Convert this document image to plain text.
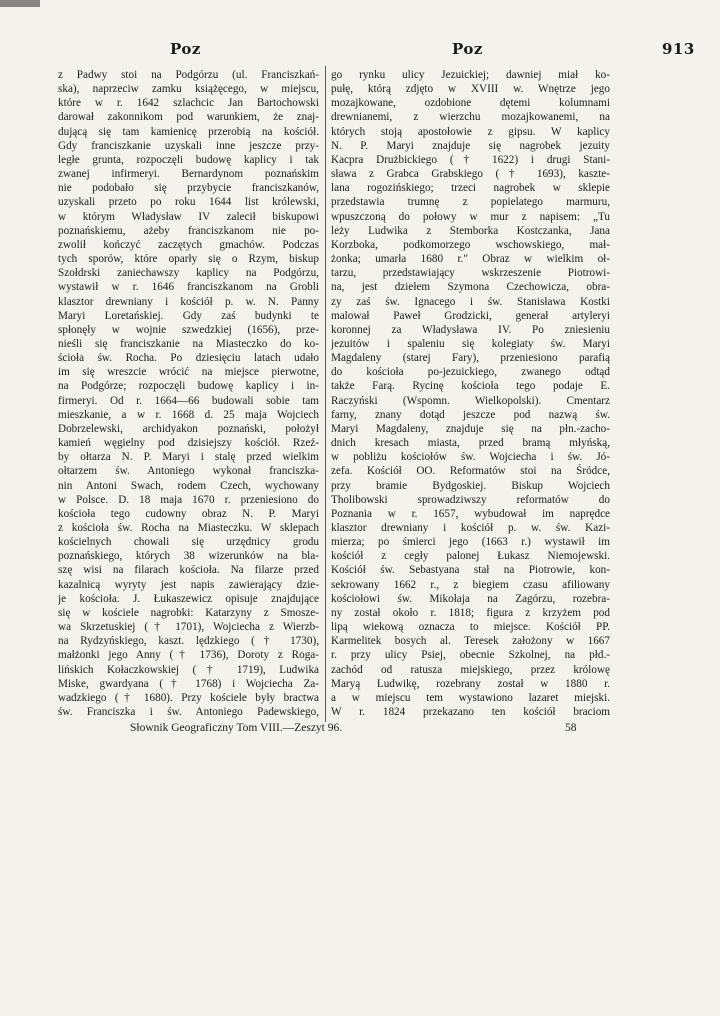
Poz	Poz	913
z Padwy stoi na Podgórzu (ul. Franciszkań-
ska), naprzeciw zamku książęcego, w miejscu,
które w r. 1642 szlachcic Jan Bartochowski
darował zakonnikom pod warunkiem, że znaj-
dującą się tam kamienicę przerobią na kościół.
Gdy franciszkanie uzyskali inne jeszcze przy-
ległe grunta, rozpoczęli budowę kaplicy i tak
zwanej infirmeryi. Bernardynom poznańskim
nie podobało się przybycie franciszkanów,
uzyskali przeto po roku 1644 list królewski,
w którym Władysław IV zalecił biskupowi
poznańskiemu, ażeby franciszkanom nie po-
zwolił kończyć zaczętych gmachów. Podczas
tych sporów, które oparły się o Rzym, biskup
Szołdrski zaniechawszy kaplicy na Podgórzu,
wystawił w r. 1646 franciszkanom na Grobli
klasztor drewniany i kościół p. w. N. Panny
Maryi Loretańskiej. Gdy zaś budynki te
spłonęły w wojnie szwedzkiej (1656), prze-
nieśli się franciszkanie na Miasteczko do ko-
ścioła św. Rocha. Po dziesięciu latach udało
im się wreszcie wrócić na miejsce pierwotne,
na Podgórze; rozpoczęli budowę kaplicy i in-
firmeryi. Od r. 1664—66 budowali sobie tam
mieszkanie, a w r. 1668 d. 25 maja Wojciech
Dobrzelewski, archidyakon poznański, położył
kamień węgielny pod dzisiejszy kościół. Rzeź-
by ołtarza N. P. Maryi i stalę przed wielkim
ołtarzem św. Antoniego wykonał franciszka-
nin Antoni Swach, rodem Czech, wychowany
w Polsce. D. 18 maja 1670 r. przeniesiono do
kościoła tego cudowny obraz N. P. Maryi
z kościoła św. Rocha na Miasteczku. W sklepach
kościelnych chowali się urzędnicy grodu
poznańskiego, których 38 wizerunków na bla-
szę wisi na filarach kościoła. Na filarze przed
kazalnicą wyryty jest napis zawierający dzie-
je kościoła. J. Łukaszewicz opisuje znajdujące
się w kościele nagrobki: Katarzyny z Smosze-
wa Skrzetuskiej († 1701), Wojciecha z Wierzb-
na Rydzyńskiego, kaszt. lędzkiego († 1730),
małżonki jego Anny († 1736), Doroty z Roga-
lińskich Kołaczkowskiej († 1719), Ludwika
Miske, gwardyana († 1768) i Wojciecha Za-
wadzkiego († 1680). Przy kościele były bractwa
św. Franciszka i św. Antoniego Padewskiego,
go rynku ulicy Jezuickiej; dawniej miał ko-
pułę, którą zdjęto w XVIII w. Wnętrze jego
mozajkowane, ozdobione dętemi kolumnami
drewnianemi, z wierzchu mozajkowanemi, na
których stoją apostołowie z gipsu. W kaplicy
N. P. Maryi znajduje się nagrobek jezuity
Kacpra Drużbickiego († 1622) i drugi Stani-
sława z Grabca Grabskiego († 1693), kaszte-
lana rogozińskiego; trzeci nagrobek w sklepie
przedstawia trumnę z popielatego marmuru,
wpuszczoną do połowy w mur z napisem: „Tu
leży Ludwika z Stemborka Kostczanka, Jana
Korzboka, podkomorzego wschowskiego, mał-
żonka; umarła 1680 r." Obraz w wielkim oł-
tarzu, przedstawiający wskrzeszenie Piotrowi-
na, jest dziełem Szymona Czechowicza, obra-
zy zaś św. Ignacego i św. Stanisława Kostki
malował Paweł Grodzicki, generał artyleryi
koronnej za Władysława IV. Po zniesieniu
jezuitów i spaleniu się kolegiaty św. Maryi
Magdaleny (starej Fary), przeniesiono parafią
do kościoła po-jezuickiego, zwanego odtąd
także Farą. Rycinę kościoła tego podaje E.
Raczyński (Wspomn. Wielkopolski). Cmentarz
farny, znany dotąd jeszcze pod nazwą św.
Maryi Magdaleny, znajduje się na płn.-zacho-
dnich kresach miasta, przed bramą młyńską,
w pobliżu kościołów św. Wojciecha i św. Jó-
zefa. Kościół OO. Reformatów stoi na Śródce,
przy bramie Bydgoskiej. Biskup Wojciech
Tholibowski sprowadziwszy reformatów do
Poznania w r. 1657, wybudował im naprędce
klasztor drewniany i kościół p. w. św. Kazi-
mierza; po śmierci jego (1663 r.) wystawił im
kościół z cegły palonej Łukasz Niemojewski.
Kościół św. Sebastyana stał na Piotrowie, kon-
sekrowany 1662 r., z biegiem czasu afiliowany
kościołowi św. Mikołaja na Zagórzu, rozebra-
ny został około r. 1818; figura z krzyżem pod
lipą wiekową oznacza to miejsce. Kościół PP.
Karmelitek bosych al. Teresek założony w 1667
r. przy ulicy Psiej, obecnie Szkolnej, na płd.-
zachód od ratusza miejskiego, przez królowę
Maryą Ludwikę, rozebrany został w 1880 r.
a w miejscu tem wystawiono lazaret miejski.
W r. 1824 przekazano ten kościół braciom
Słownik Geograficzny Tom VIII.—Zeszyt 96.	58
